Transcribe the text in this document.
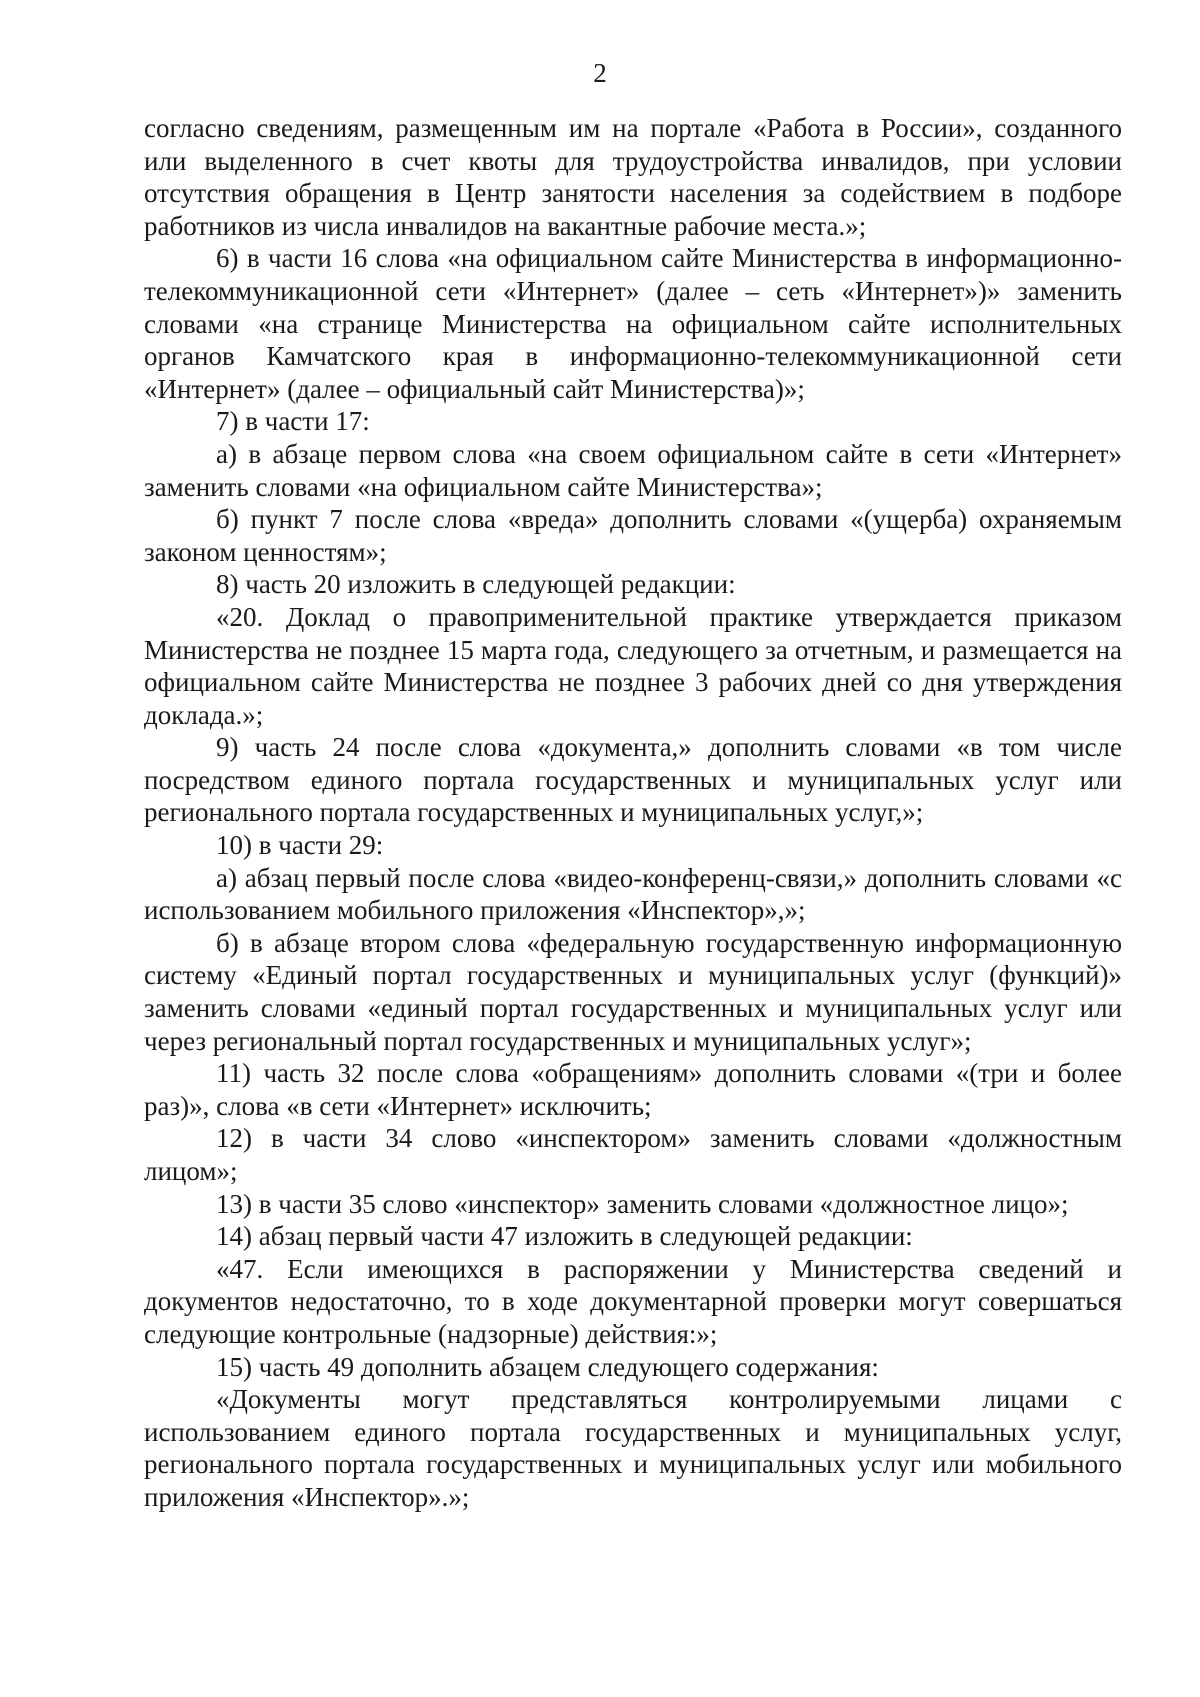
2

согласно сведениям, размещенным им на портале «Работа в России», созданного или выделенного в счет квоты для трудоустройства инвалидов, при условии отсутствия обращения в Центр занятости населения за содействием в подборе работников из числа инвалидов на вакантные рабочие места.»;

6) в части 16 слова «на официальном сайте Министерства в информационно-телекоммуникационной сети «Интернет» (далее – сеть «Интернет»)» заменить словами «на странице Министерства на официальном сайте исполнительных органов Камчатского края в информационно-телекоммуникационной сети «Интернет» (далее – официальный сайт Министерства)»;

7) в части 17:

а) в абзаце первом слова «на своем официальном сайте в сети «Интернет» заменить словами «на официальном сайте Министерства»;

б) пункт 7 после слова «вреда» дополнить словами «(ущерба) охраняемым законом ценностям»;

8) часть 20 изложить в следующей редакции:

«20. Доклад о правоприменительной практике утверждается приказом Министерства не позднее 15 марта года, следующего за отчетным, и размещается на официальном сайте Министерства не позднее 3 рабочих дней со дня утверждения доклада.»;

9) часть 24 после слова «документа,» дополнить словами «в том числе посредством единого портала государственных и муниципальных услуг или регионального портала государственных и муниципальных услуг,»;

10) в части 29:

а) абзац первый после слова «видео-конференц-связи,» дополнить словами «с использованием мобильного приложения «Инспектор»,»;

б) в абзаце втором слова «федеральную государственную информационную систему «Единый портал государственных и муниципальных услуг (функций)» заменить словами «единый портал государственных и муниципальных услуг или через региональный портал государственных и муниципальных услуг»;

11) часть 32 после слова «обращениям» дополнить словами «(три и более раз)», слова «в сети «Интернет» исключить;

12) в части 34 слово «инспектором» заменить словами «должностным лицом»;

13) в части 35 слово «инспектор» заменить словами «должностное лицо»;

14) абзац первый части 47 изложить в следующей редакции:

«47. Если имеющихся в распоряжении у Министерства сведений и документов недостаточно, то в ходе документарной проверки могут совершаться следующие контрольные (надзорные) действия:»;

15) часть 49 дополнить абзацем следующего содержания:

«Документы могут представляться контролируемыми лицами с использованием единого портала государственных и муниципальных услуг, регионального портала государственных и муниципальных услуг или мобильного приложения «Инспектор».»;
